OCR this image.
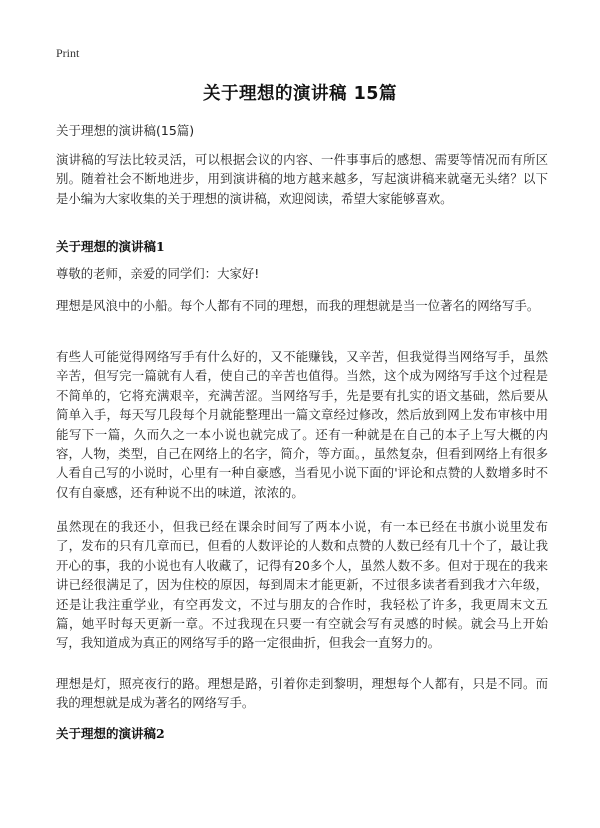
Print
关于理想的演讲稿 15篇
关于理想的演讲稿(15篇)

演讲稿的写法比较灵活，可以根据会议的内容、一件事事后的感想、需要等情况而有所区别。随着社会不断地进步，用到演讲稿的地方越来越多，写起演讲稿来就毫无头绪？以下是小编为大家收集的关于理想的演讲稿，欢迎阅读，希望大家能够喜欢。

关于理想的演讲稿1

尊敬的老师，亲爱的同学们：大家好!

理想是风浪中的小船。每个人都有不同的理想，而我的理想就是当一位著名的网络写手。

有些人可能觉得网络写手有什么好的，又不能赚钱，又辛苦，但我觉得当网络写手，虽然辛苦，但写完一篇就有人看，使自己的辛苦也值得。当然，这个成为网络写手这个过程是不简单的，它将充满艰辛，充满苦涩。当网络写手，先是要有扎实的语文基础，然后要从简单入手，每天写几段每个月就能整理出一篇文章经过修改，然后放到网上发布审核中用能写下一篇，久而久之一本小说也就完成了。还有一种就是在自己的本子上写大概的内容，人物，类型，自己在网络上的名字，简介，等方面。，虽然复杂，但看到网络上有很多人看自己写的小说时，心里有一种自豪感，当看见小说下面的'评论和点赞的人数增多时不仅有自豪感，还有种说不出的味道，浓浓的。

虽然现在的我还小，但我已经在课余时间写了两本小说，有一本已经在书旗小说里发布了，发布的只有几章而已，但看的人数评论的人数和点赞的人数已经有几十个了，最让我开心的事，我的小说也有人收藏了，记得有20多个人，虽然人数不多。但对于现在的我来讲已经很满足了，因为住校的原因，每到周末才能更新，不过很多读者看到我才六年级，还是让我注重学业，有空再发文，不过与朋友的合作时，我轻松了许多，我更周末文五篇，她平时每天更新一章。不过我现在只要一有空就会写有灵感的时候。就会马上开始写，我知道成为真正的网络写手的路一定很曲折，但我会一直努力的。

理想是灯，照亮夜行的路。理想是路，引着你走到黎明，理想每个人都有，只是不同。而我的理想就是成为著名的网络写手。

关于理想的演讲稿2
